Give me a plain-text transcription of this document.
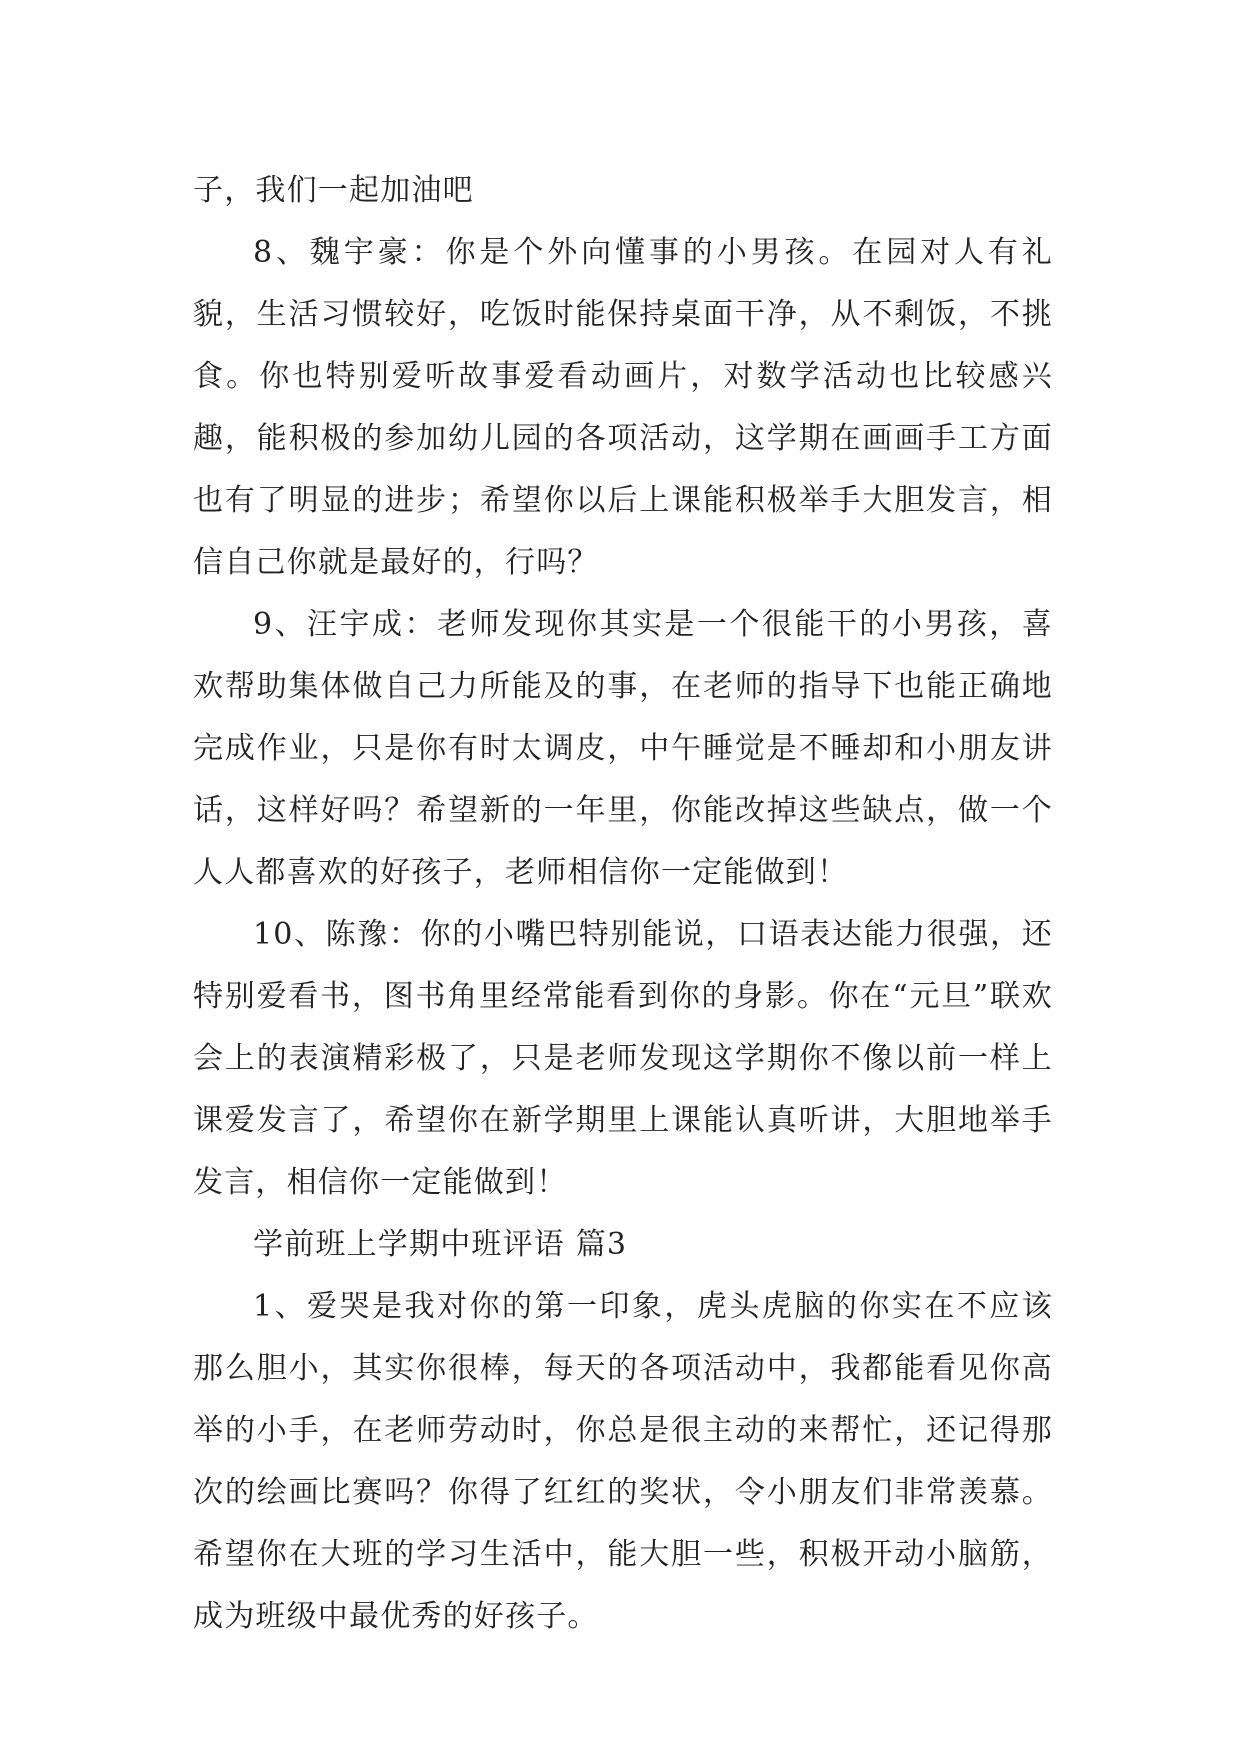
子，我们一起加油吧

8、魏宇豪：你是个外向懂事的小男孩。在园对人有礼貌，生活习惯较好，吃饭时能保持桌面干净，从不剩饭，不挑食。你也特别爱听故事爱看动画片，对数学活动也比较感兴趣，能积极的参加幼儿园的各项活动，这学期在画画手工方面也有了明显的进步；希望你以后上课能积极举手大胆发言，相信自己你就是最好的，行吗？

9、汪宇成：老师发现你其实是一个很能干的小男孩，喜欢帮助集体做自己力所能及的事，在老师的指导下也能正确地完成作业，只是你有时太调皮，中午睡觉是不睡却和小朋友讲话，这样好吗？希望新的一年里，你能改掉这些缺点，做一个人人都喜欢的好孩子，老师相信你一定能做到！

10、陈豫：你的小嘴巴特别能说，口语表达能力很强，还特别爱看书，图书角里经常能看到你的身影。你在“元旦”联欢会上的表演精彩极了，只是老师发现这学期你不像以前一样上课爱发言了，希望你在新学期里上课能认真听讲，大胆地举手发言，相信你一定能做到！

学前班上学期中班评语 篇3

1、爱哭是我对你的第一印象，虎头虎脑的你实在不应该那么胆小，其实你很棒，每天的各项活动中，我都能看见你高举的小手，在老师劳动时，你总是很主动的来帮忙，还记得那次的绘画比赛吗？你得了红红的奖状，令小朋友们非常羡慕。希望你在大班的学习生活中，能大胆一些，积极开动小脑筋，成为班级中最优秀的好孩子。
